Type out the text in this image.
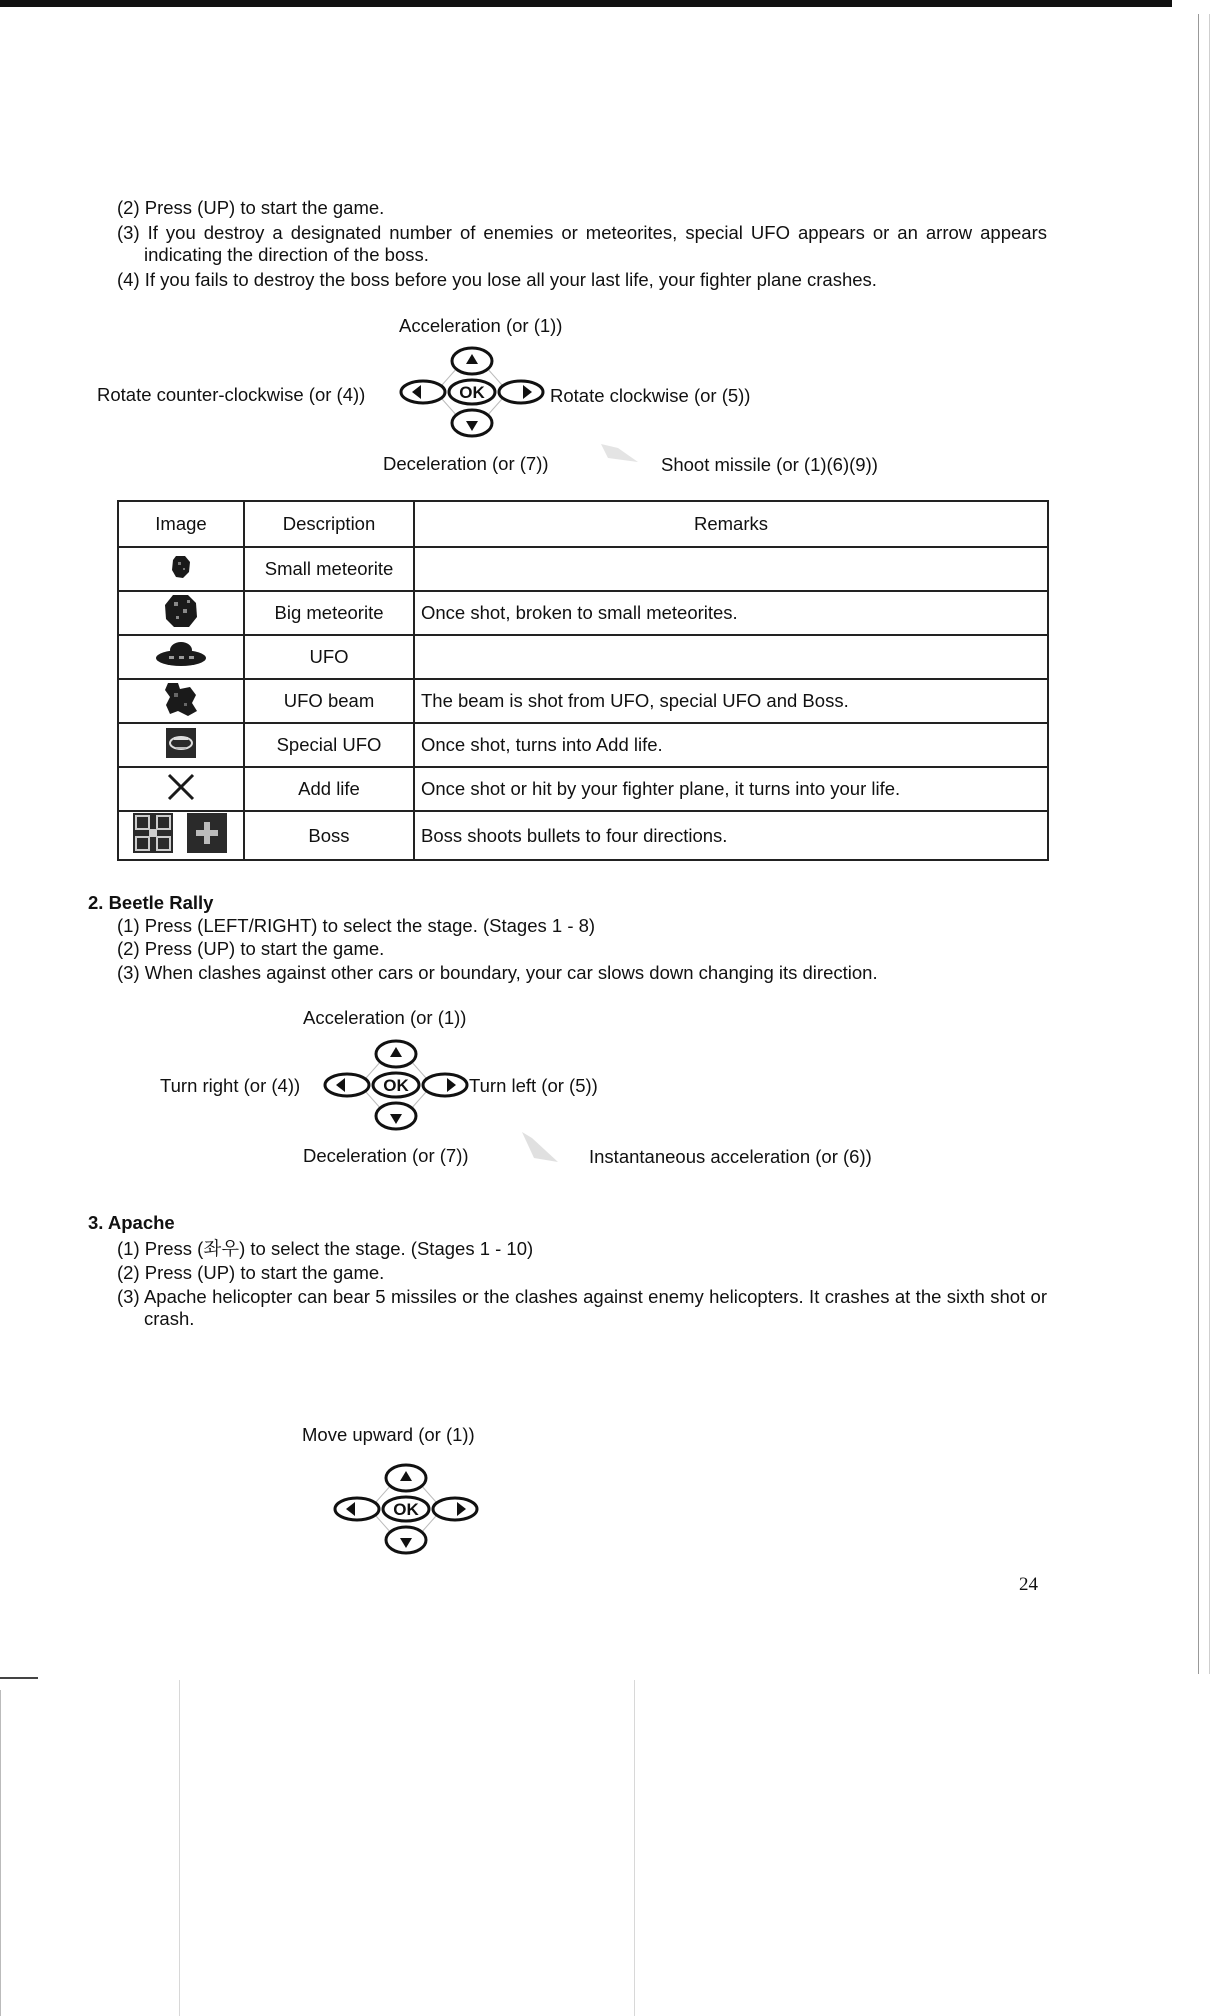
(2) Press (UP) to start the game.
(3) If you destroy a designated number of enemies or meteorites, special UFO appears or an arrow appears indicating the direction of the boss.
(4) If you fails to destroy the boss before you lose all your last life, your fighter plane crashes.
Acceleration (or (1))
Rotate counter-clockwise (or (4))	OK	Rotate clockwise (or (5))
Deceleration (or (7))	Shoot missile (or (1)(6)(9))
Image	Description	Remarks
	Small meteorite	
	Big meteorite	Once shot, broken to small meteorites.
	UFO	
	UFO beam	The beam is shot from UFO, special UFO and Boss.
	Special UFO	Once shot, turns into Add life.
	Add life	Once shot or hit by your fighter plane, it turns into your life.
	Boss	Boss shoots bullets to four directions.
2. Beetle Rally
(1) Press (LEFT/RIGHT) to select the stage. (Stages 1 - 8)
(2) Press (UP) to start the game.
(3) When clashes against other cars or boundary, your car slows down changing its direction.
Acceleration (or (1))
Turn right (or (4))	OK	Turn left (or (5))
Deceleration (or (7))	Instantaneous acceleration (or (6))
3. Apache
(1) Press (좌우) to select the stage. (Stages 1 - 10)
(2) Press (UP) to start the game.
(3) Apache helicopter can bear 5 missiles or the clashes against enemy helicopters. It crashes at the sixth shot or crash.
Move upward (or (1))
OK
24
